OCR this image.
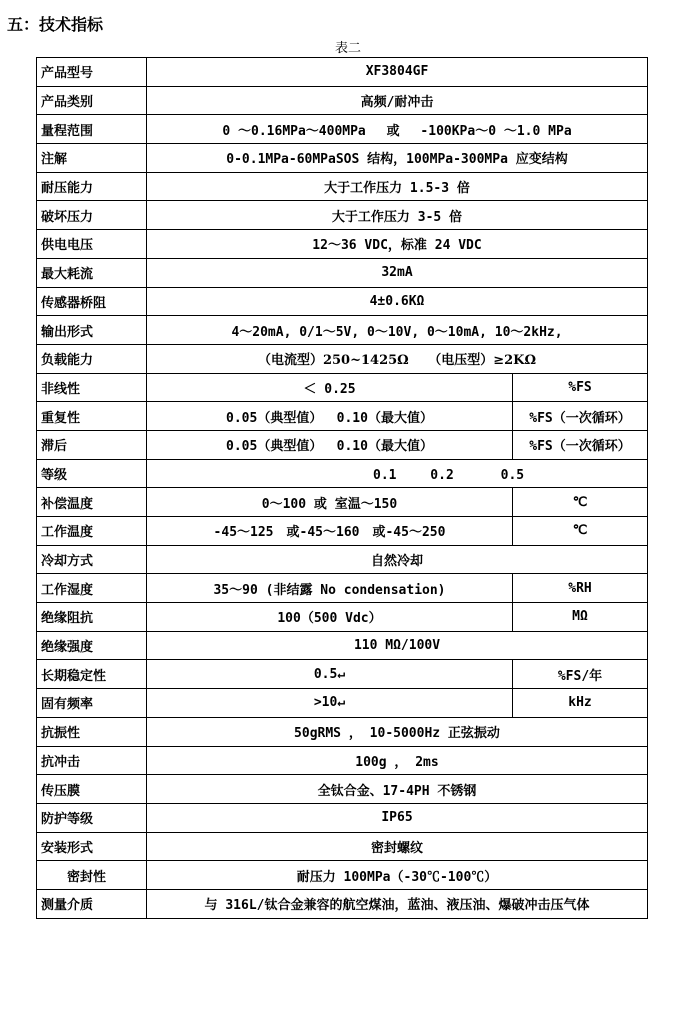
五：技术指标
表二
产品型号	XF3804GF	
产品类别	高频/耐冲击	
量程范围	0 ～0.16MPa～400MPa　 或　 -100KPa～0 ～1.0 MPa	
注解	0-0.1MPa-60MPaSOS 结构，100MPa-300MPa 应变结构	
耐压能力	大于工作压力 1.5-3 倍	
破坏压力	大于工作压力 3-5 倍	
供电电压	12～36 VDC，标准 24 VDC	
最大耗流	32mA	
传感器桥阻	4±0.6KΩ	
输出形式	4～20mA, 0/1～5V, 0～10V, 0～10mA, 10～2kHz,	
负载能力	（电流型）250~1425Ω　　（电压型）≥2KΩ	
非线性	＜ 0.25	%FS
重复性	0.05（典型值）　 0.10（最大值）	%FS（一次循环）
滞后	0.05（典型值）　 0.10（最大值）	%FS（一次循环）
等级	0.1　　 0.2　　　 0.5	
补偿温度	0～100 或 室温～150	℃
工作温度	-45～125　或-45～160　或-45～250	℃
冷却方式	自然冷却	
工作湿度	35～90 (非结露 No condensation)	%RH
绝缘阻抗	100（500 Vdc）	MΩ
绝缘强度	110 MΩ/100V	
长期稳定性	0.5↵	%FS/年
固有频率	>10↵	kHz
抗振性	50gRMS ， 10-5000Hz 正弦振动	
抗冲击	100g ， 2ms	
传压膜	全钛合金、17-4PH 不锈钢	
防护等级	IP65	
安装形式	密封螺纹	
密封性	耐压力 100MPa（-30℃-100℃）	
测量介质	与 316L/钛合金兼容的航空煤油，蓝油、液压油、爆破冲击压气体	
